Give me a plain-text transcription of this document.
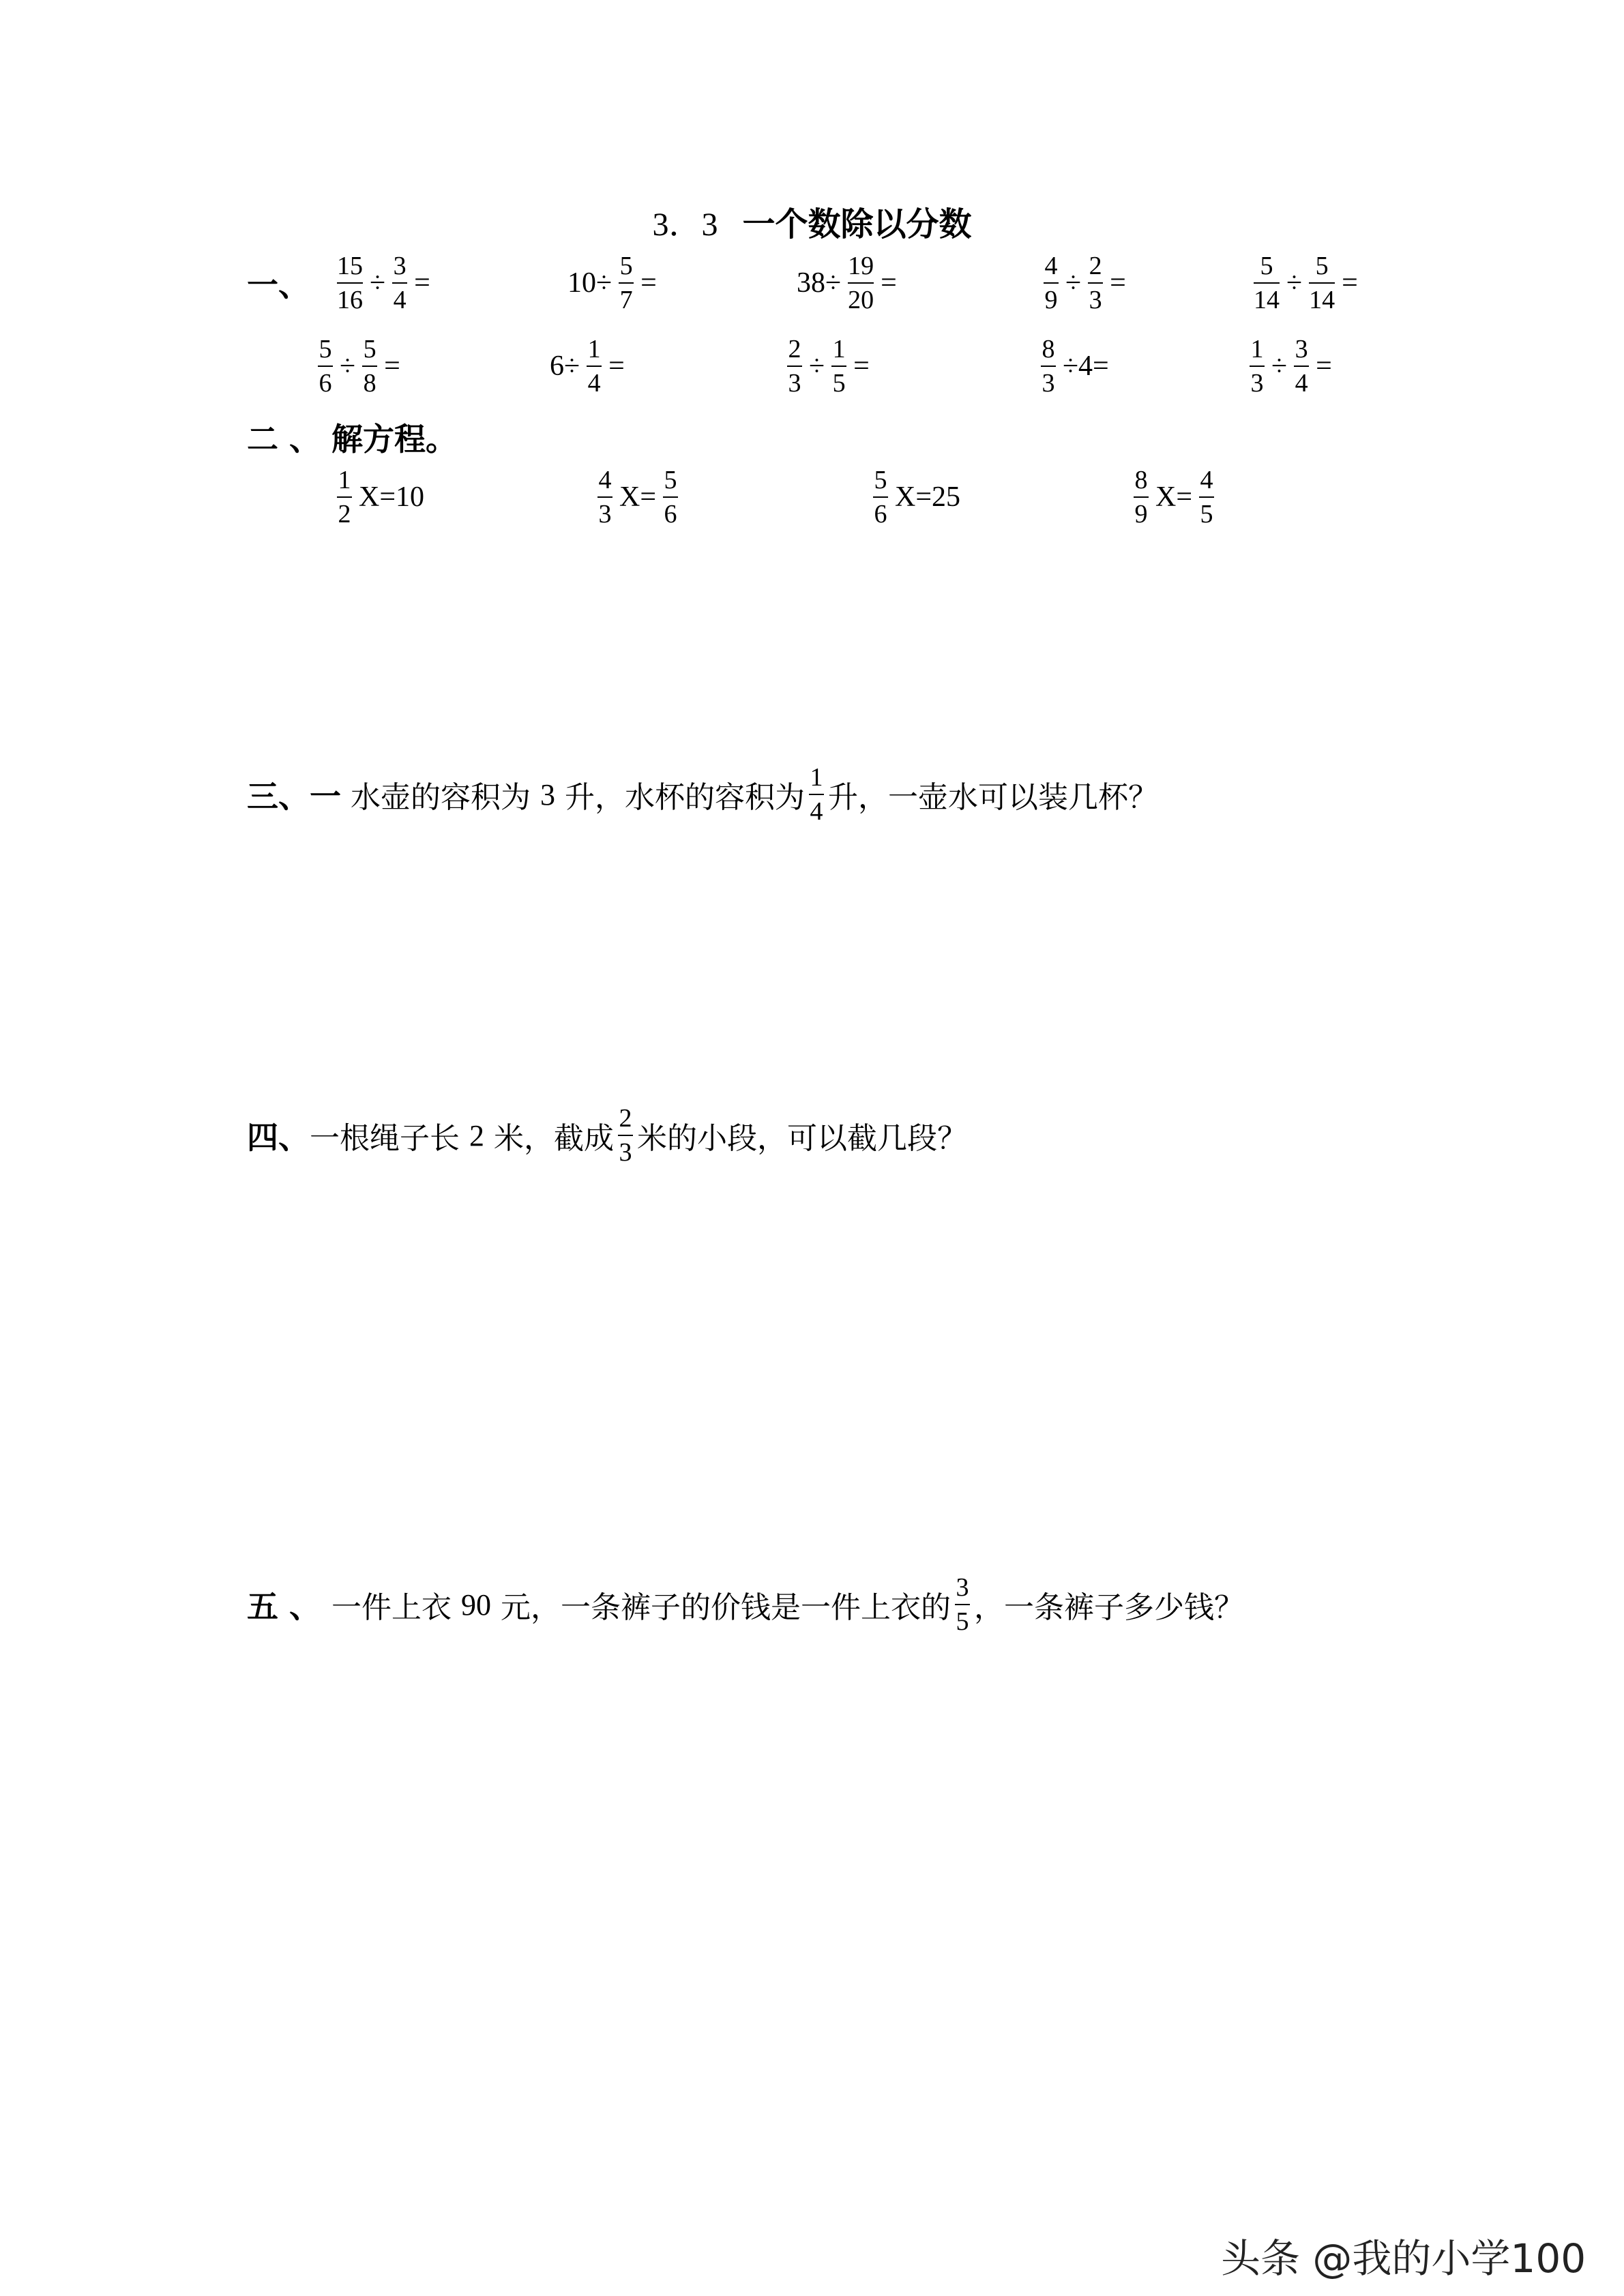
3．3 一个数除以分数
一、 $\frac{15}{16} \div \frac{3}{4}$ =	$10\div \frac{5}{7}$ =	$38\div \frac{19}{20}$ =	$\frac{4}{9} \div \frac{2}{3}$ =	$\frac{5}{14} \div \frac{5}{14}$ =
$\frac{5}{6} \div \frac{5}{8}$ =	$6\div \frac{1}{4}$ =	$\frac{2}{3} \div \frac{1}{5}$ =	$\frac{8}{3} \div 4=$	$\frac{1}{3} \div \frac{3}{4}$ =
二 、 解方程。
$\frac{1}{2} X=10$	$\frac{4}{3} X= \frac{5}{6}$	$\frac{5}{6} X=25$	$\frac{8}{9} X= \frac{4}{5}$
三、一 水壶的容积为 3 升，水杯的容积为 $\frac{1}{4}$ 升，一壶水可以装几杯？
四、 一根绳子长 2 米，截成 $\frac{2}{3}$ 米的小段，可以截几段？
五 、 一件上衣 90 元，一条裤子的价钱是一件上衣的 $\frac{3}{5}$ ，一条裤子多少钱？
头条 @我的小学100
